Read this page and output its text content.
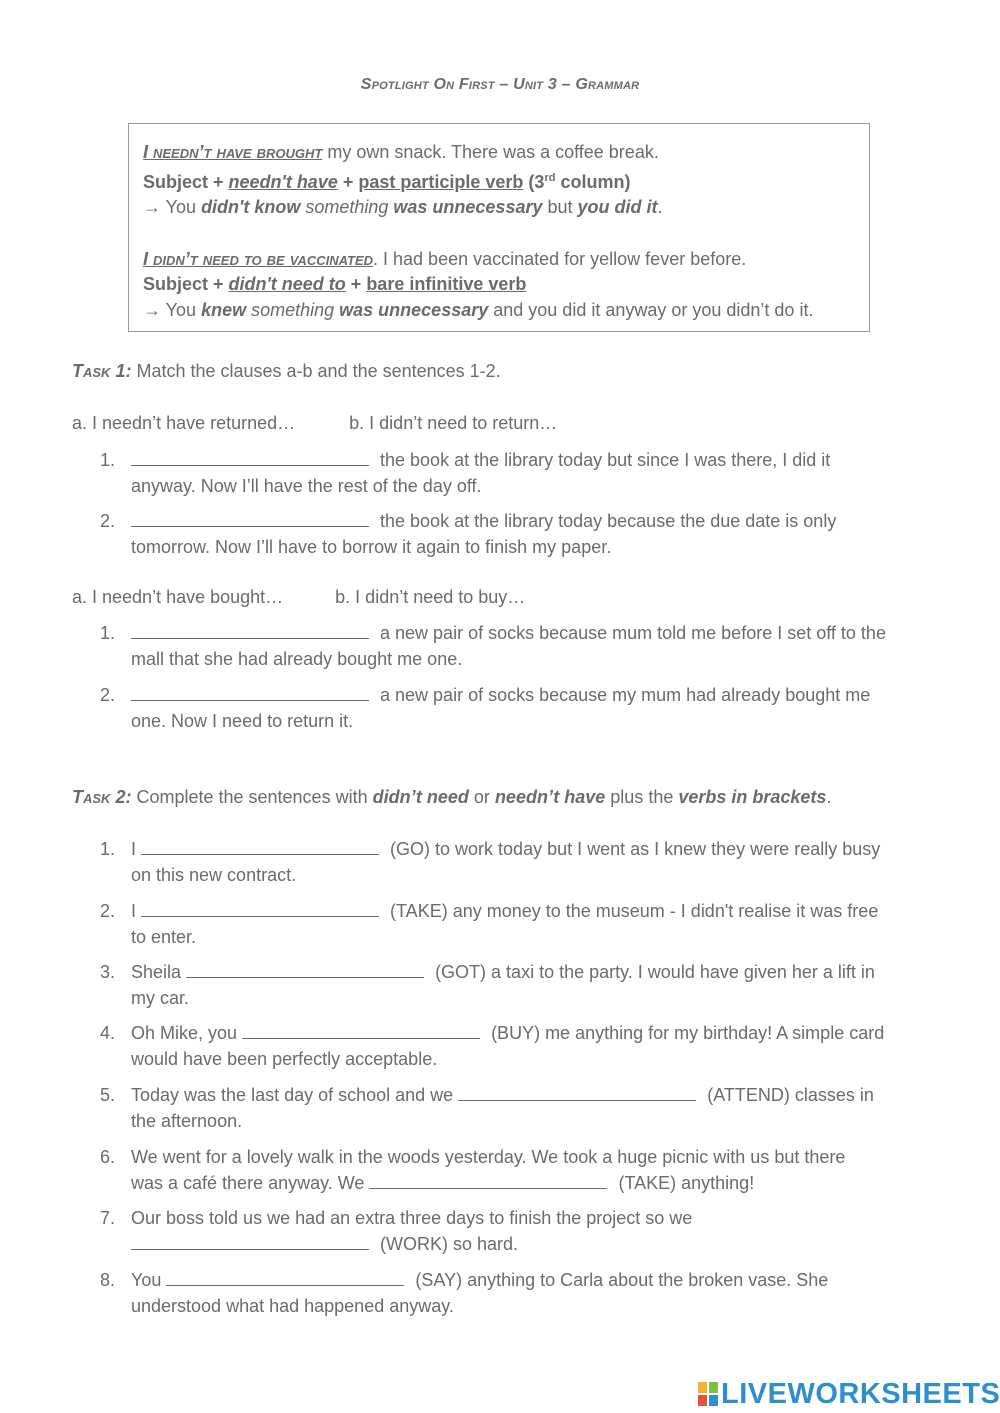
Spotlight On First – Unit 3 – Grammar
I needn’t have brought my own snack. There was a coffee break.
Subject + needn't have + past participle verb (3rd column)
→ You didn't know something was unnecessary but you did it.
I didn’t need to be vaccinated. I had been vaccinated for yellow fever before.
Subject + didn't need to + bare infinitive verb
→ You knew something was unnecessary and you did it anyway or you didn’t do it.
Task 1: Match the clauses a-b and the sentences 1-2.
a. I needn’t have returned…	b. I didn’t need to return…
1.	the book at the library today but since I was there, I did it
anyway. Now I’ll have the rest of the day off.
2.	the book at the library today because the due date is only
tomorrow. Now I’ll have to borrow it again to finish my paper.
a. I needn’t have bought…	b. I didn’t need to buy…
1.	a new pair of socks because mum told me before I set off to the
mall that she had already bought me one.
2.	a new pair of socks because my mum had already bought me
one. Now I need to return it.
Task 2: Complete the sentences with didn’t need or needn’t have plus the verbs in brackets.
1. I	(GO) to work today but I went as I knew they were really busy
on this new contract.
2. I	(TAKE) any money to the museum - I didn't realise it was free
to enter.
3. Sheila	(GOT) a taxi to the party. I would have given her a lift in
my car.
4. Oh Mike, you	(BUY) me anything for my birthday! A simple card
would have been perfectly acceptable.
5. Today was the last day of school and we	(ATTEND) classes in
the afternoon.
6. We went for a lovely walk in the woods yesterday. We took a huge picnic with us but there
was a café there anyway. We	(TAKE) anything!
7. Our boss told us we had an extra three days to finish the project so we
(WORK) so hard.
8. You	(SAY) anything to Carla about the broken vase. She
understood what had happened anyway.
LIVEWORKSHEETS
